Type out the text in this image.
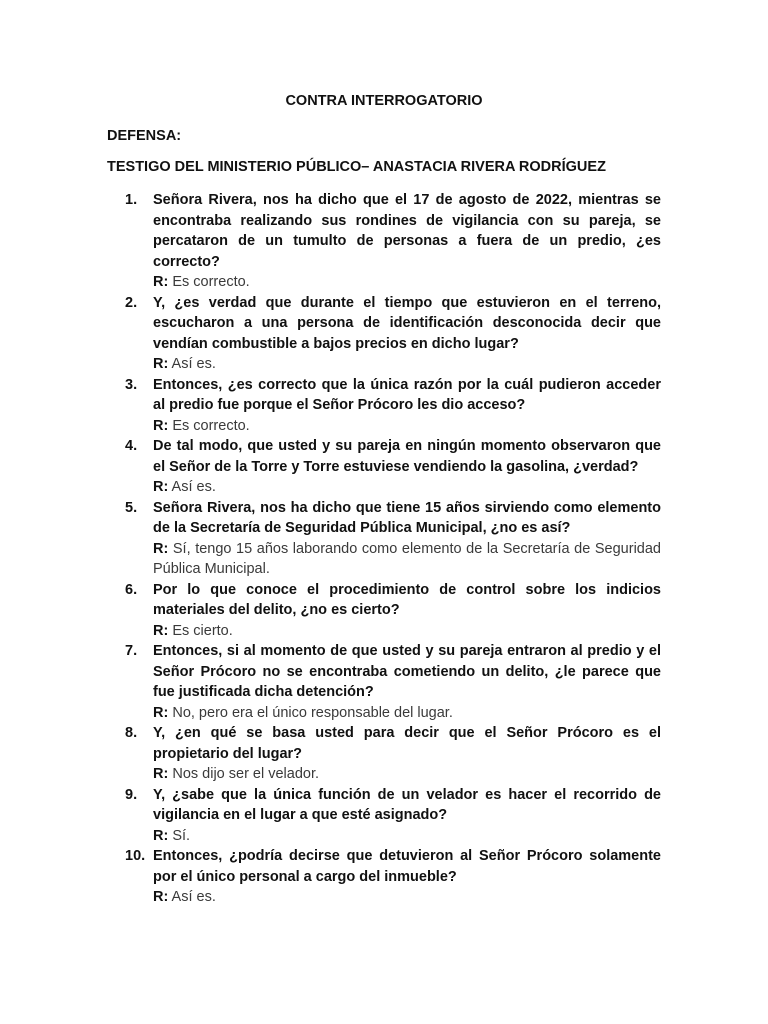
CONTRA INTERROGATORIO
DEFENSA:
TESTIGO DEL MINISTERIO PÚBLICO– ANASTACIA RIVERA RODRÍGUEZ
1. Señora Rivera, nos ha dicho que el 17 de agosto de 2022, mientras se encontraba realizando sus rondines de vigilancia con su pareja, se percataron de un tumulto de personas a fuera de un predio, ¿es correcto?
R: Es correcto.
2. Y, ¿es verdad que durante el tiempo que estuvieron en el terreno, escucharon a una persona de identificación desconocida decir que vendían combustible a bajos precios en dicho lugar?
R: Así es.
3. Entonces, ¿es correcto que la única razón por la cuál pudieron acceder al predio fue porque el Señor Prócoro les dio acceso?
R: Es correcto.
4. De tal modo, que usted y su pareja en ningún momento observaron que el Señor de la Torre y Torre estuviese vendiendo la gasolina, ¿verdad?
R: Así es.
5. Señora Rivera, nos ha dicho que tiene 15 años sirviendo como elemento de la Secretaría de Seguridad Pública Municipal, ¿no es así?
R: Sí, tengo 15 años laborando como elemento de la Secretaría de Seguridad Pública Municipal.
6. Por lo que conoce el procedimiento de control sobre los indicios materiales del delito, ¿no es cierto?
R: Es cierto.
7. Entonces, si al momento de que usted y su pareja entraron al predio y el Señor Prócoro no se encontraba cometiendo un delito, ¿le parece que fue justificada dicha detención?
R: No, pero era el único responsable del lugar.
8. Y, ¿en qué se basa usted para decir que el Señor Prócoro es el propietario del lugar?
R: Nos dijo ser el velador.
9. Y, ¿sabe que la única función de un velador es hacer el recorrido de vigilancia en el lugar a que esté asignado?
R: Sí.
10. Entonces, ¿podría decirse que detuvieron al Señor Prócoro solamente por el único personal a cargo del inmueble?
R: Así es.
